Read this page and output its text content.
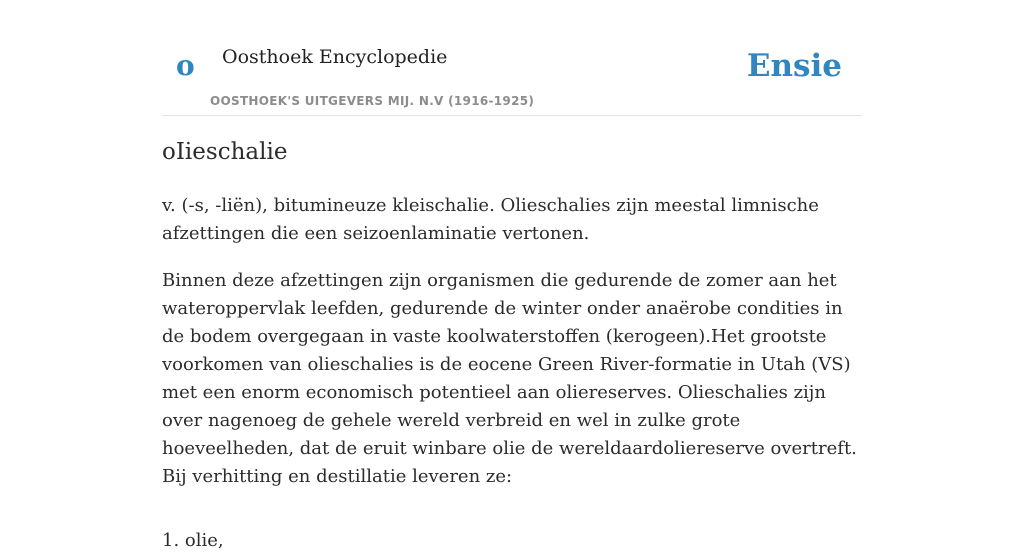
o Oosthoek Encyclopedie
OOSTHOEK'S UITGEVERS MIJ. N.V (1916-1925)
Ensie
oIieschalie

v. (-s, -liën), bitumineuze kleischalie. Olieschalies zijn meestal limnische afzettingen die een seizoenlaminatie vertonen.

Binnen deze afzettingen zijn organismen die gedurende de zomer aan het wateroppervlak leefden, gedurende de winter onder anaërobe condities in de bodem overgegaan in vaste koolwaterstoffen (kerogeen).Het grootste voorkomen van olieschalies is de eocene Green River-formatie in Utah (VS) met een enorm economisch potentieel aan oliereserves. Olieschalies zijn over nagenoeg de gehele wereld verbreid en wel in zulke grote hoeveelheden, dat de eruit winbare olie de wereldaardoliereserve overtreft. Bij verhitting en destillatie leveren ze:

1. olie,
